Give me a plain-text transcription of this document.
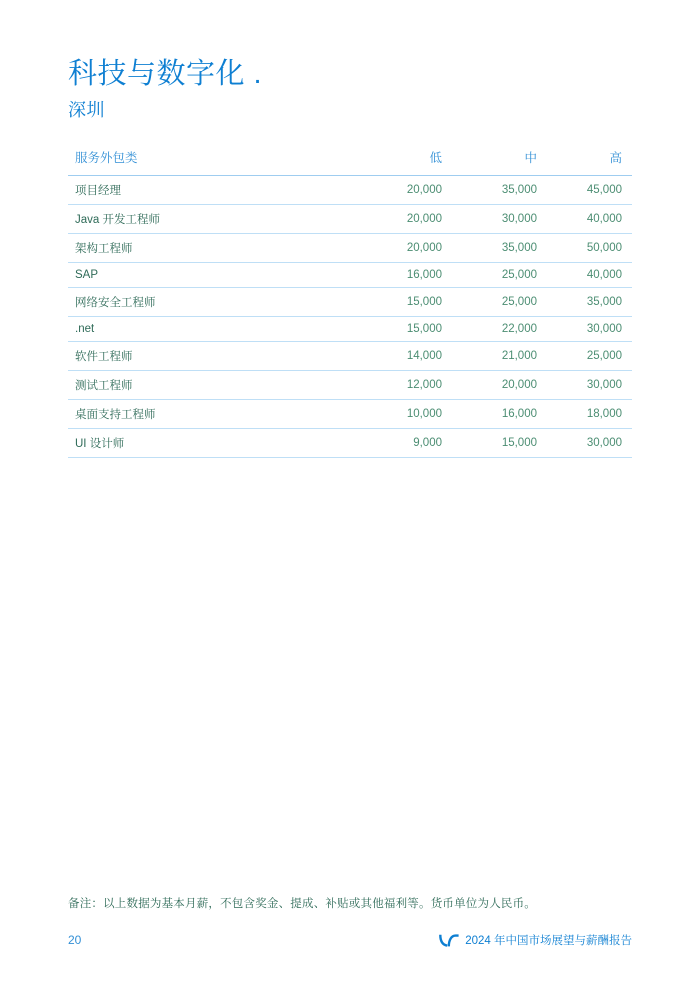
科技与数字化 .
深圳
服务外包类	低	中	高
项目经理	20,000	35,000	45,000
Java 开发工程师	20,000	30,000	40,000
架构工程师	20,000	35,000	50,000
SAP	16,000	25,000	40,000
网络安全工程师	15,000	25,000	35,000
.net	15,000	22,000	30,000
软件工程师	14,000	21,000	25,000
测试工程师	12,000	20,000	30,000
桌面支持工程师	10,000	16,000	18,000
UI 设计师	9,000	15,000	30,000

备注：以上数据为基本月薪，不包含奖金、提成、补贴或其他福利等。货币单位为人民币。

20	2024 年中国市场展望与薪酬报告
